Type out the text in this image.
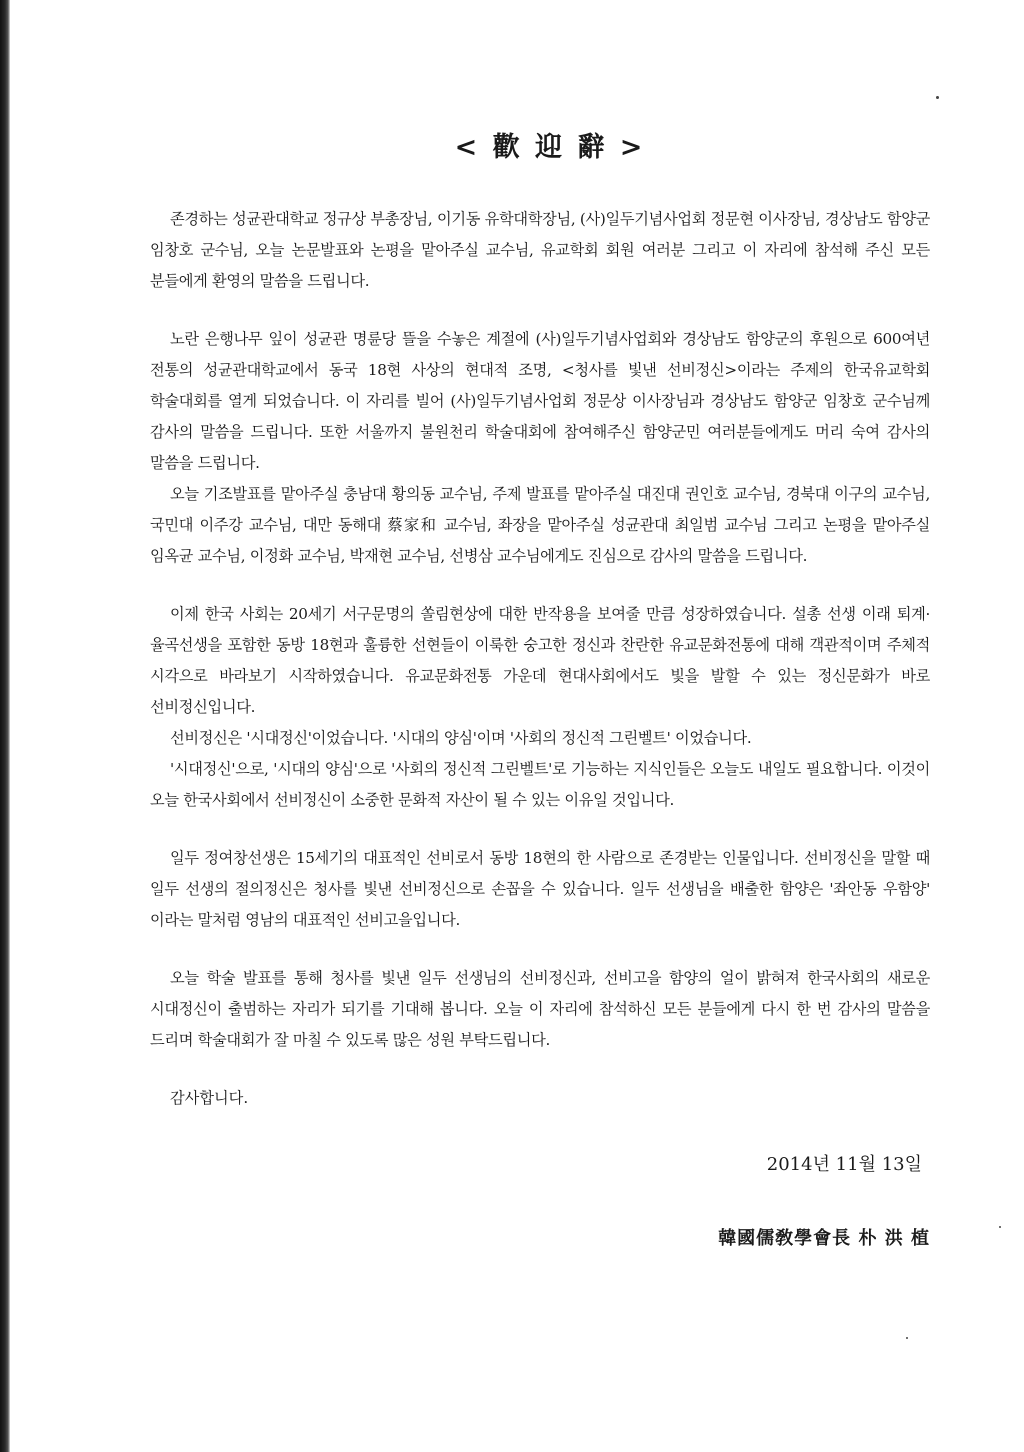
< 歡 迎 辭 >

존경하는 성균관대학교 정규상 부총장님, 이기동 유학대학장님, (사)일두기념사업회 정문현 이사장님, 경상남도 함양군 임창호 군수님, 오늘 논문발표와 논평을 맡아주실 교수님, 유교학회 회원 여러분 그리고 이 자리에 참석해 주신 모든 분들에게 환영의 말씀을 드립니다.

노란 은행나무 잎이 성균관 명륜당 뜰을 수놓은 계절에 (사)일두기념사업회와 경상남도 함양군의 후원으로 600여년 전통의 성균관대학교에서 동국 18현 사상의 현대적 조명, <청사를 빛낸 선비정신>이라는 주제의 한국유교학회 학술대회를 열게 되었습니다. 이 자리를 빌어 (사)일두기념사업회 정문상 이사장님과 경상남도 함양군 임창호 군수님께 감사의 말씀을 드립니다. 또한 서울까지 불원천리 학술대회에 참여해주신 함양군민 여러분들에게도 머리 숙여 감사의 말씀을 드립니다.

오늘 기조발표를 맡아주실 충남대 황의동 교수님, 주제 발표를 맡아주실 대진대 권인호 교수님, 경북대 이구의 교수님, 국민대 이주강 교수님, 대만 동해대 蔡家和 교수님, 좌장을 맡아주실 성균관대 최일범 교수님 그리고 논평을 맡아주실 임옥균 교수님, 이정화 교수님, 박재현 교수님, 선병삼 교수님에게도 진심으로 감사의 말씀을 드립니다.

이제 한국 사회는 20세기 서구문명의 쏠림현상에 대한 반작용을 보여줄 만큼 성장하였습니다. 설총 선생 이래 퇴계·율곡선생을 포함한 동방 18현과 훌륭한 선현들이 이룩한 숭고한 정신과 찬란한 유교문화전통에 대해 객관적이며 주체적 시각으로 바라보기 시작하였습니다. 유교문화전통 가운데 현대사회에서도 빛을 발할 수 있는 정신문화가 바로 선비정신입니다.

선비정신은 '시대정신'이었습니다. '시대의 양심'이며 '사회의 정신적 그린벨트' 이었습니다.

'시대정신'으로, '시대의 양심'으로 '사회의 정신적 그린벨트'로 기능하는 지식인들은 오늘도 내일도 필요합니다. 이것이 오늘 한국사회에서 선비정신이 소중한 문화적 자산이 될 수 있는 이유일 것입니다.

일두 정여창선생은 15세기의 대표적인 선비로서 동방 18현의 한 사람으로 존경받는 인물입니다. 선비정신을 말할 때 일두 선생의 절의정신은 청사를 빛낸 선비정신으로 손꼽을 수 있습니다. 일두 선생님을 배출한 함양은 '좌안동 우함양' 이라는 말처럼 영남의 대표적인 선비고을입니다.

오늘 학술 발표를 통해 청사를 빛낸 일두 선생님의 선비정신과, 선비고을 함양의 얼이 밝혀져 한국사회의 새로운 시대정신이 출범하는 자리가 되기를 기대해 봅니다. 오늘 이 자리에 참석하신 모든 분들에게 다시 한 번 감사의 말씀을 드리며 학술대회가 잘 마칠 수 있도록 많은 성원 부탁드립니다.

감사합니다.

2014년 11월 13일

韓國儒敎學會長 朴 洪 植
